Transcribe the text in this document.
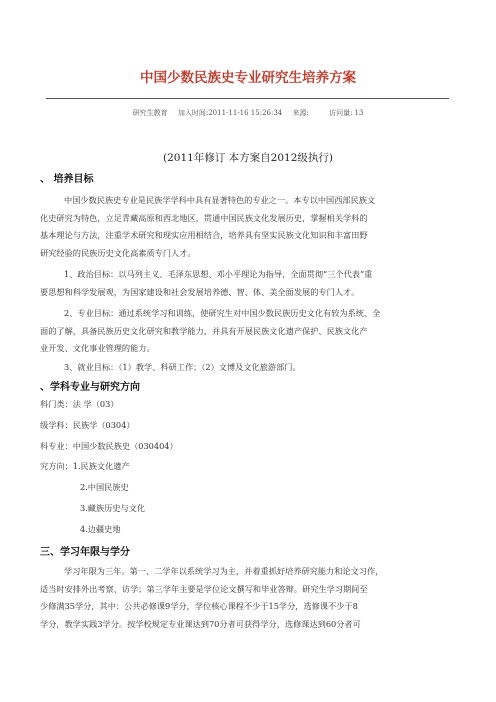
中国少数民族史专业研究生培养方案
研究生教育 加入时间:2011-11-16 15:26:34 来源:	访问量: 13
(2011年修订 本方案自2012级执行)
、 培养目标
中国少数民族史专业是民族学学科中具有显著特色的专业之一。本专以中国西部民族文
化史研究为特色，立足青藏高原和西北地区，贯通中国民族文化发展历史，掌握相关学科的
基本理论与方法，注重学术研究和现实应用相结合，培养具有坚实民族文化知识和丰富田野
研究经验的民族历史文化高素质专门人才。
1、政治目标：以马列主义、毛泽东思想、邓小平理论为指导，全面贯彻“三个代表”重
要思想和科学发展观，为国家建设和社会发展培养德、智、体、美全面发展的专门人才。
2、专业目标：通过系统学习和训练，使研究生对中国少数民族历史文化有较为系统、全
面的了解，具备民族历史文化研究和教学能力，并具有开展民族文化遗产保护、民族文化产
业开发、文化事业管理的能力。
3、就业目标：（1）教学、科研工作；（2）文博及文化旅游部门。
、学科专业与研究方向
科门类：法 学（03）
级学科：民族学（0304）
科专业：中国少数民族史（030404）
究方向：1.民族文化遗产
2.中国民族史
3.藏族历史与文化
4.边疆史地
三、学习年限与学分
学习年限为三年。第一、二学年以系统学习为主，并着重抓好培养研究能力和论文习作，
适当时安排外出考察、访学；第三学年主要是学位论文撰写和毕业答辩。研究生学习期间至
少修满35学分，其中：公共必修课9学分，学位核心课程不少于15学分，选修课不少于8
学分，教学实践3学分。按学校规定专业课达到70分者可获得学分，选修课达到60分者可
